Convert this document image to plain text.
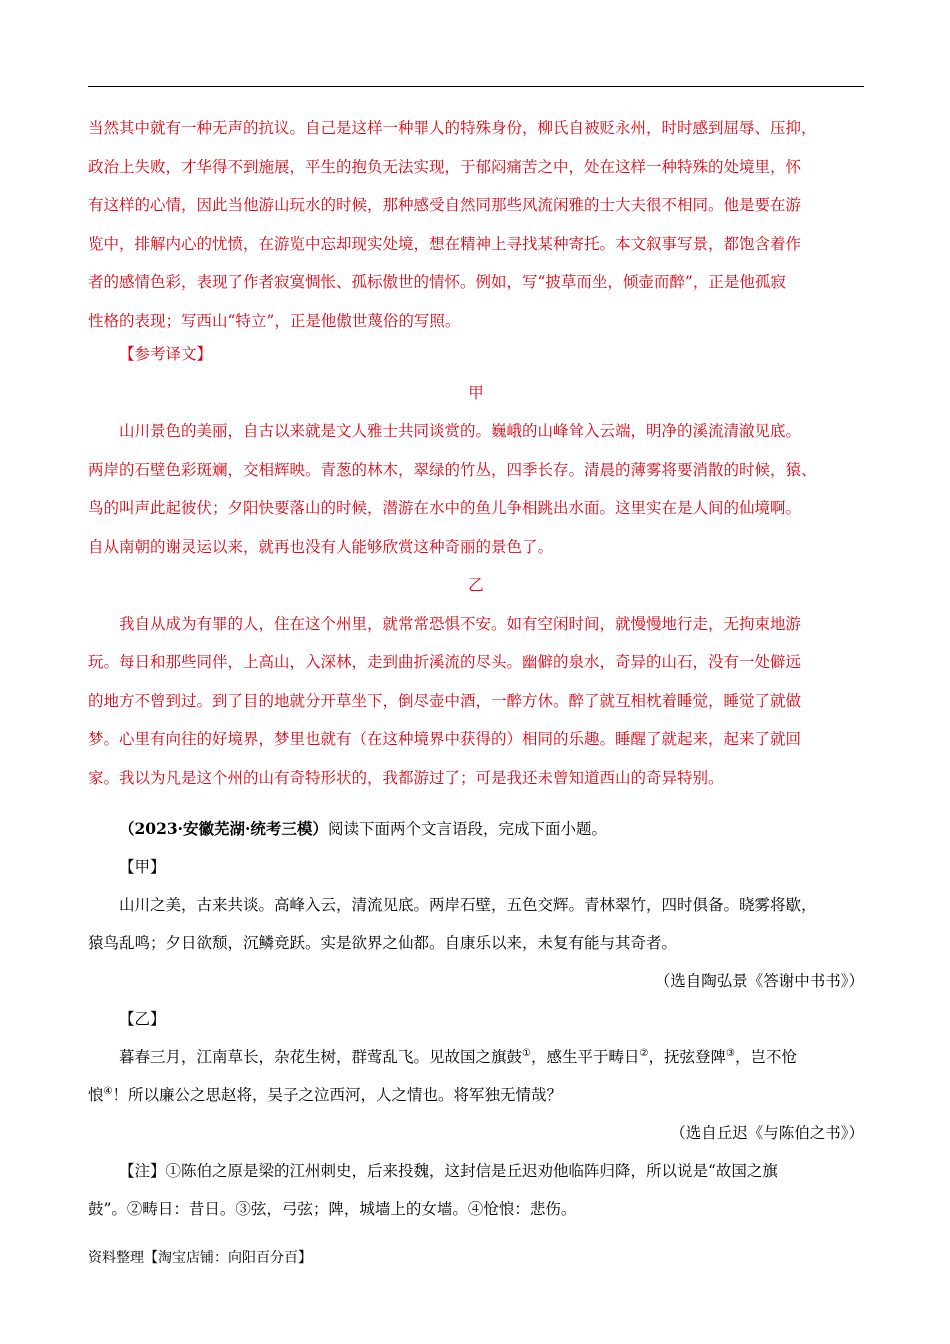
当然其中就有一种无声的抗议。自己是这样一种罪人的特殊身份，柳氏自被贬永州，时时感到屈辱、压抑，
政治上失败，才华得不到施展，平生的抱负无法实现，于郁闷痛苦之中，处在这样一种特殊的处境里，怀
有这样的心情，因此当他游山玩水的时候，那种感受自然同那些风流闲雅的士大夫很不相同。他是要在游
览中，排解内心的忧愤，在游览中忘却现实处境，想在精神上寻找某种寄托。本文叙事写景，都饱含着作
者的感情色彩，表现了作者寂寞惆怅、孤标傲世的情怀。例如，写“披草而坐，倾壶而醉”，正是他孤寂
性格的表现；写西山“特立”，正是他傲世蔑俗的写照。
【参考译文】
甲
山川景色的美丽，自古以来就是文人雅士共同谈赏的。巍峨的山峰耸入云端，明净的溪流清澈见底。
两岸的石壁色彩斑斓，交相辉映。青葱的林木，翠绿的竹丛，四季长存。清晨的薄雾将要消散的时候，猿、
鸟的叫声此起彼伏；夕阳快要落山的时候，潜游在水中的鱼儿争相跳出水面。这里实在是人间的仙境啊。
自从南朝的谢灵运以来，就再也没有人能够欣赏这种奇丽的景色了。
乙
我自从成为有罪的人，住在这个州里，就常常恐惧不安。如有空闲时间，就慢慢地行走，无拘束地游
玩。每日和那些同伴，上高山，入深林，走到曲折溪流的尽头。幽僻的泉水，奇异的山石，没有一处僻远
的地方不曾到过。到了目的地就分开草坐下，倒尽壶中酒，一醉方休。醉了就互相枕着睡觉，睡觉了就做
梦。心里有向往的好境界，梦里也就有（在这种境界中获得的）相同的乐趣。睡醒了就起来，起来了就回
家。我以为凡是这个州的山有奇特形状的，我都游过了；可是我还未曾知道西山的奇异特别。
（2023·安徽芜湖·统考三模）阅读下面两个文言语段，完成下面小题。
【甲】
山川之美，古来共谈。高峰入云，清流见底。两岸石壁，五色交辉。青林翠竹，四时俱备。晓雾将歇，
猿鸟乱鸣；夕日欲颓，沉鳞竞跃。实是欲界之仙都。自康乐以来，未复有能与其奇者。
（选自陶弘景《答谢中书书》）
【乙】
暮春三月，江南草长，杂花生树，群莺乱飞。见故国之旗鼓①，感生平于畴日②，抚弦登陴③，岂不怆
悢④！所以廉公之思赵将，吴子之泣西河，人之情也。将军独无情哉？
（选自丘迟《与陈伯之书》）
【注】①陈伯之原是梁的江州刺史，后来投魏，这封信是丘迟劝他临阵归降，所以说是“故国之旗
鼓”。②畴日：昔日。③弦，弓弦；陴，城墙上的女墙。④怆悢：悲伤。
资料整理【淘宝店铺：向阳百分百】
